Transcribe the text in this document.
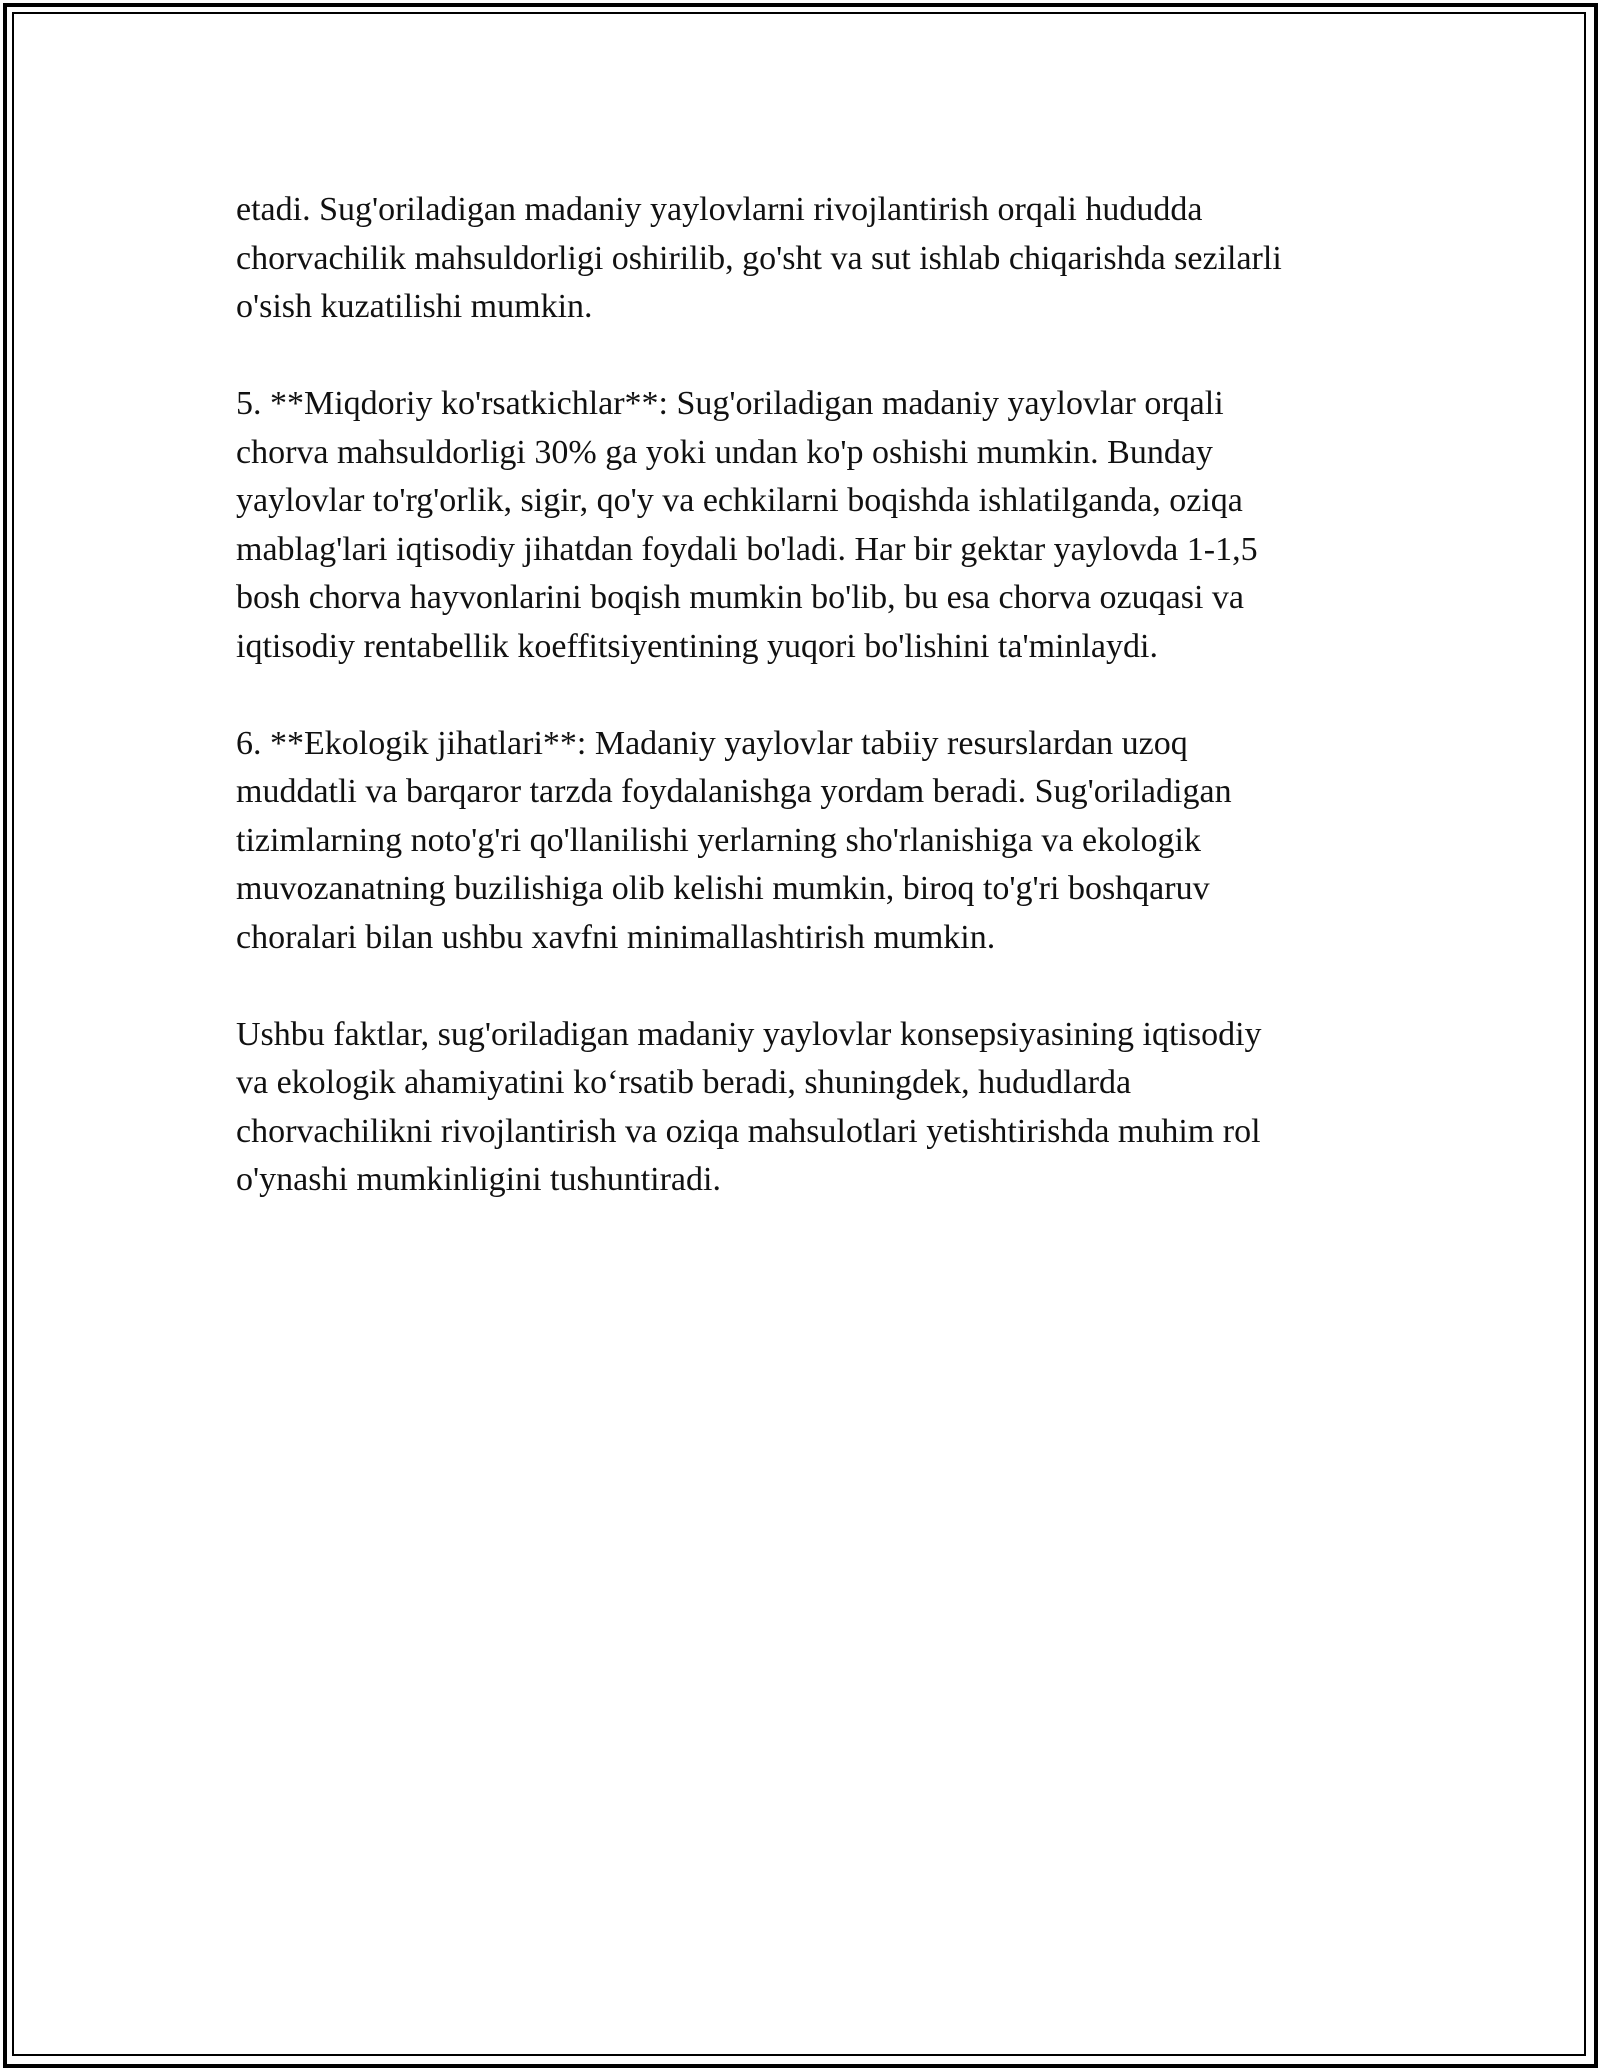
etadi. Sug'oriladigan madaniy yaylovlarni rivojlantirish orqali hududda
chorvachilik mahsuldorligi oshirilib, go'sht va sut ishlab chiqarishda sezilarli
o'sish kuzatilishi mumkin.

5. **Miqdoriy ko'rsatkichlar**: Sug'oriladigan madaniy yaylovlar orqali
chorva mahsuldorligi 30% ga yoki undan ko'p oshishi mumkin. Bunday
yaylovlar to'rg'orlik, sigir, qo'y va echkilarni boqishda ishlatilganda, oziqa
mablag'lari iqtisodiy jihatdan foydali bo'ladi. Har bir gektar yaylovda 1-1,5
bosh chorva hayvonlarini boqish mumkin bo'lib, bu esa chorva ozuqasi va
iqtisodiy rentabellik koeffitsiyentining yuqori bo'lishini ta'minlaydi.

6. **Ekologik jihatlari**: Madaniy yaylovlar tabiiy resurslardan uzoq
muddatli va barqaror tarzda foydalanishga yordam beradi. Sug'oriladigan
tizimlarning noto'g'ri qo'llanilishi yerlarning sho'rlanishiga va ekologik
muvozanatning buzilishiga olib kelishi mumkin, biroq to'g'ri boshqaruv
choralari bilan ushbu xavfni minimallashtirish mumkin.

Ushbu faktlar, sug'oriladigan madaniy yaylovlar konsepsiyasining iqtisodiy
va ekologik ahamiyatini ko‘rsatib beradi, shuningdek, hududlarda
chorvachilikni rivojlantirish va oziqa mahsulotlari yetishtirishda muhim rol
o'ynashi mumkinligini tushuntiradi.
